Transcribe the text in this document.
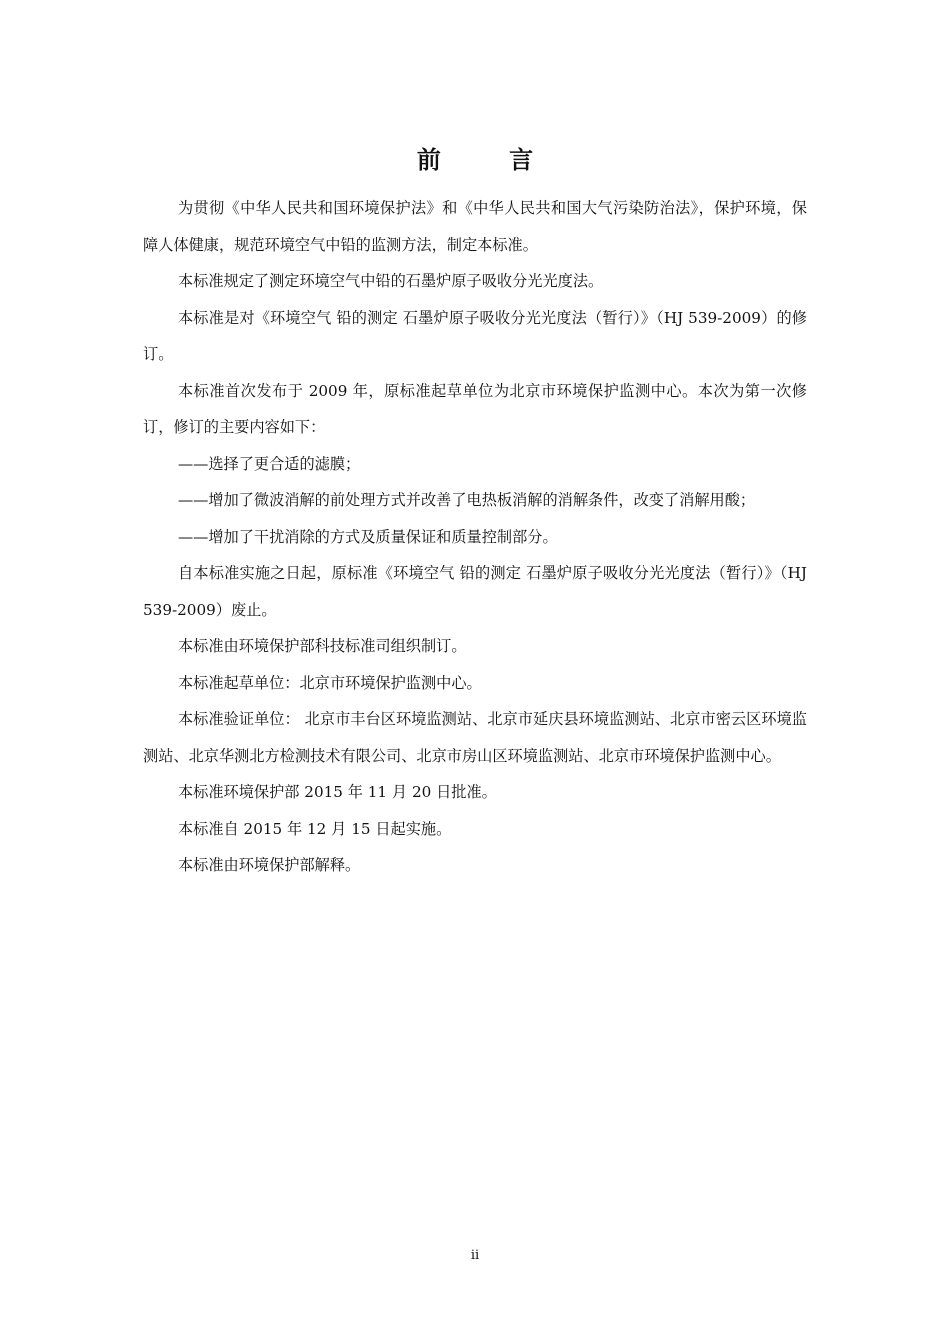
前 言

为贯彻《中华人民共和国环境保护法》和《中华人民共和国大气污染防治法》，保护环境，保障人体健康，规范环境空气中铅的监测方法，制定本标准。

本标准规定了测定环境空气中铅的石墨炉原子吸收分光光度法。

本标准是对《环境空气 铅的测定 石墨炉原子吸收分光光度法（暂行）》（HJ 539-2009）的修订。

本标准首次发布于 2009 年，原标准起草单位为北京市环境保护监测中心。本次为第一次修订，修订的主要内容如下：

——选择了更合适的滤膜；

——增加了微波消解的前处理方式并改善了电热板消解的消解条件，改变了消解用酸；

——增加了干扰消除的方式及质量保证和质量控制部分。

自本标准实施之日起，原标准《环境空气 铅的测定 石墨炉原子吸收分光光度法（暂行）》（HJ 539-2009）废止。

本标准由环境保护部科技标准司组织制订。

本标准起草单位：北京市环境保护监测中心。

本标准验证单位： 北京市丰台区环境监测站、北京市延庆县环境监测站、北京市密云区环境监测站、北京华测北方检测技术有限公司、北京市房山区环境监测站、北京市环境保护监测中心。

本标准环境保护部 2015 年 11 月 20 日批准。

本标准自 2015 年 12 月 15 日起实施。

本标准由环境保护部解释。

ii
